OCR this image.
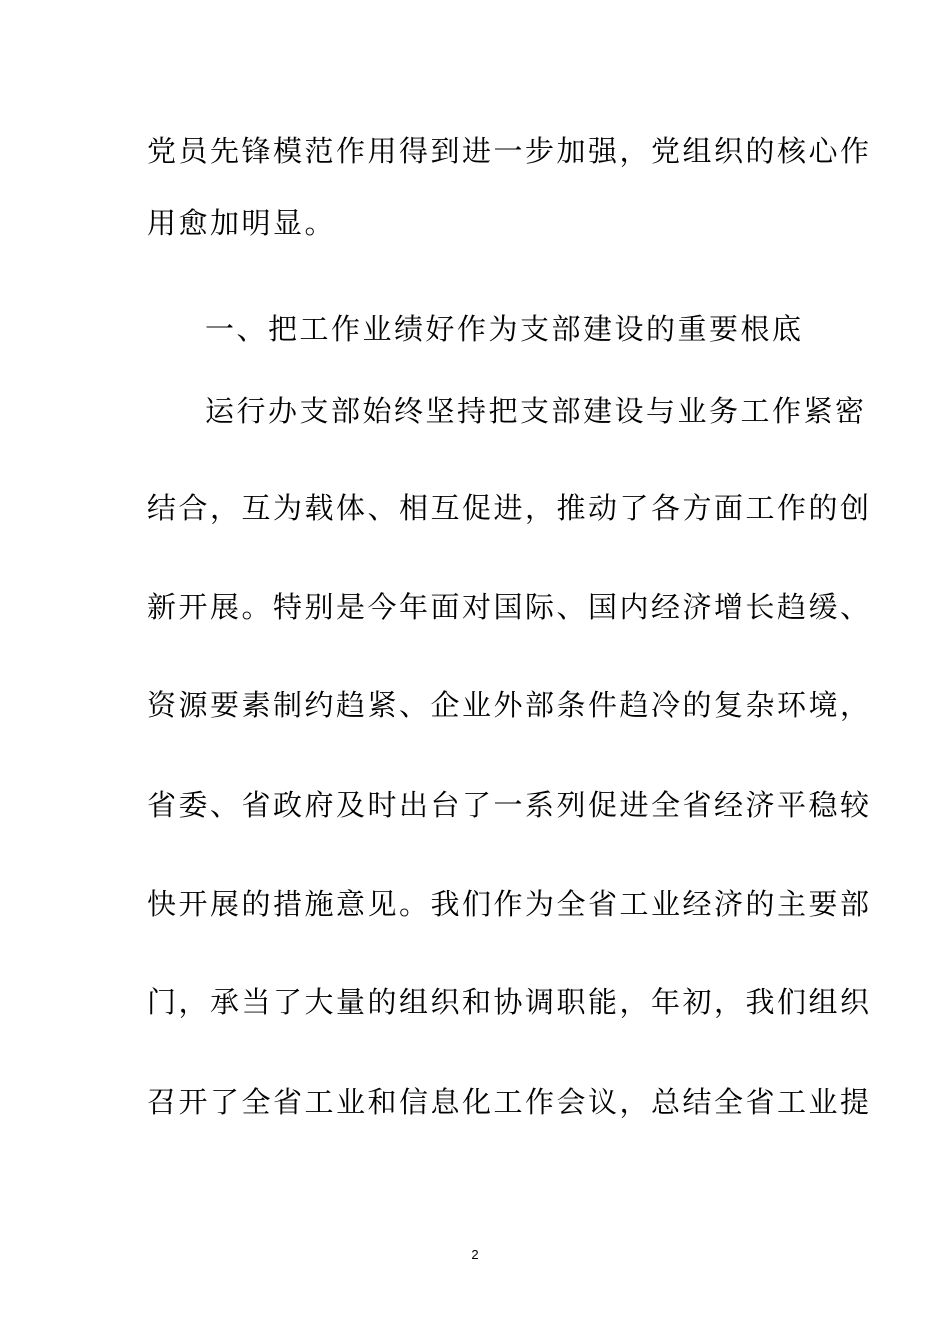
党员先锋模范作用得到进一步加强，党组织的核心作
用愈加明显。
一、把工作业绩好作为支部建设的重要根底
运行办支部始终坚持把支部建设与业务工作紧密
结合，互为载体、相互促进，推动了各方面工作的创
新开展。特别是今年面对国际、国内经济增长趋缓、
资源要素制约趋紧、企业外部条件趋冷的复杂环境，
省委、省政府及时出台了一系列促进全省经济平稳较
快开展的措施意见。我们作为全省工业经济的主要部
门，承当了大量的组织和协调职能，年初，我们组织
召开了全省工业和信息化工作会议，总结全省工业提
2
